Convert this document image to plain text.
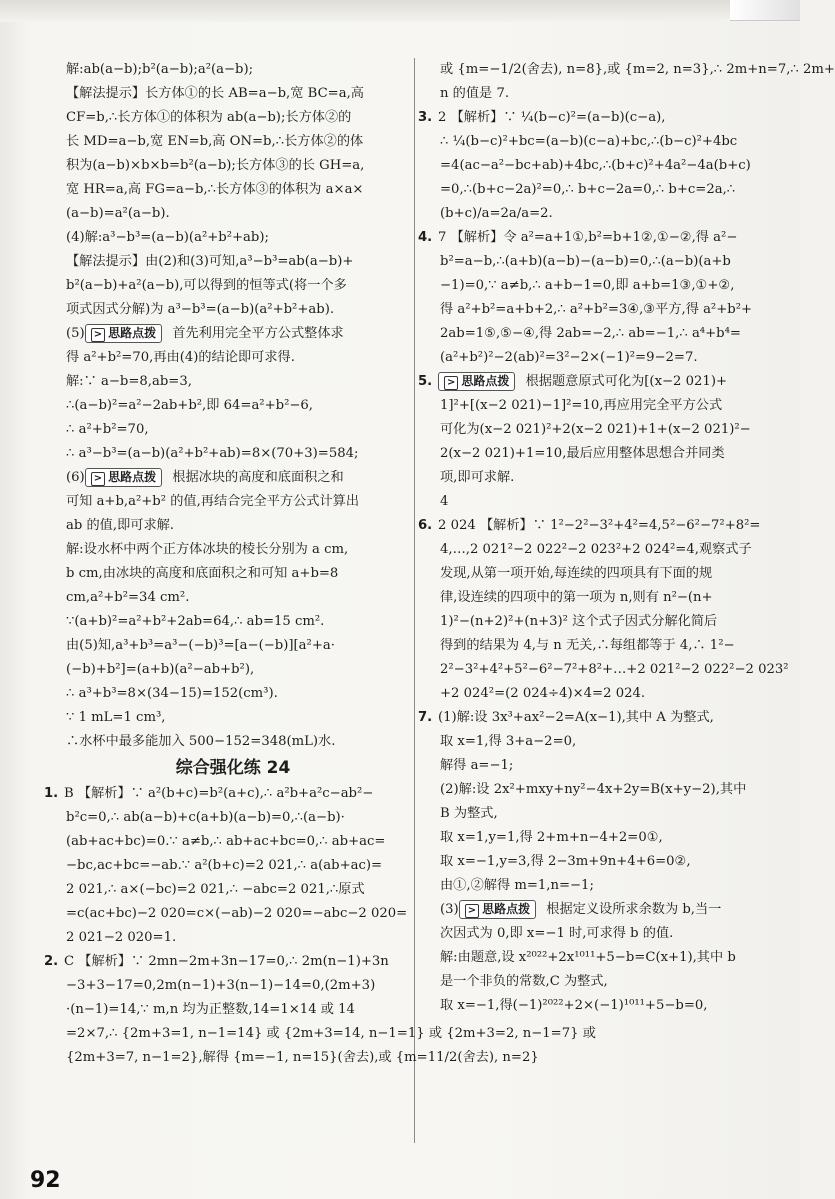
解:ab(a−b);b²(a−b);a²(a−b);
【解法提示】长方体①的长 AB=a−b,宽 BC=a,高
CF=b,∴长方体①的体积为 ab(a−b);长方体②的
长 MD=a−b,宽 EN=b,高 ON=b,∴长方体②的体
积为(a−b)×b×b=b²(a−b);长方体③的长 GH=a,
宽 HR=a,高 FG=a−b,∴长方体③的体积为 a×a×
(a−b)=a²(a−b).
(4)解:a³−b³=(a−b)(a²+b²+ab);
【解法提示】由(2)和(3)可知,a³−b³=ab(a−b)+
b²(a−b)+a²(a−b),可以得到的恒等式(将一个多
项式因式分解)为 a³−b³=(a−b)(a²+b²+ab).
(5) > 思路点拨 首先利用完全平方公式整体求
得 a²+b²=70,再由(4)的结论即可求得.
解:∵ a−b=8,ab=3,
∴(a−b)²=a²−2ab+b²,即 64=a²+b²−6,
∴ a²+b²=70,
∴ a³−b³=(a−b)(a²+b²+ab)=8×(70+3)=584;
(6) > 思路点拨 根据冰块的高度和底面积之和
可知 a+b,a²+b² 的值,再结合完全平方公式计算出
ab 的值,即可求解.
解:设水杯中两个正方体冰块的棱长分别为 a cm,
b cm,由冰块的高度和底面积之和可知 a+b=8
cm,a²+b²=34 cm².
∵(a+b)²=a²+b²+2ab=64,∴ ab=15 cm².
由(5)知,a³+b³=a³−(−b)³=[a−(−b)][a²+a·
(−b)+b²]=(a+b)(a²−ab+b²),
∴ a³+b³=8×(34−15)=152(cm³).
∵ 1 mL=1 cm³,
∴水杯中最多能加入 500−152=348(mL)水.
综合强化练 24
1. B 【解析】∵ a²(b+c)=b²(a+c),∴ a²b+a²c−ab²−
b²c=0,∴ ab(a−b)+c(a+b)(a−b)=0,∴(a−b)·
(ab+ac+bc)=0.∵ a≠b,∴ ab+ac+bc=0,∴ ab+ac=
−bc,ac+bc=−ab.∵ a²(b+c)=2 021,∴ a(ab+ac)=
2 021,∴ a×(−bc)=2 021,∴ −abc=2 021,∴原式
=c(ac+bc)−2 020=c×(−ab)−2 020=−abc−2 020=
2 021−2 020=1.
2. C 【解析】∵ 2mn−2m+3n−17=0,∴ 2m(n−1)+3n
−3+3−17=0,2m(n−1)+3(n−1)−14=0,(2m+3)
·(n−1)=14,∵ m,n 均为正整数,14=1×14 或 14
=2×7,∴ {2m+3=1, n−1=14} 或 {2m+3=14, n−1=1} 或 {2m+3=2, n−1=7} 或
{2m+3=7, n−1=2},解得 {m=−1, n=15}(舍去),或 {m=11/2(舍去), n=2}
或 {m=−1/2(舍去), n=8},或 {m=2, n=3},∴ 2m+n=7,∴ 2m+
n 的值是 7.
3. 2 【解析】∵ ¼(b−c)²=(a−b)(c−a),
∴ ¼(b−c)²+bc=(a−b)(c−a)+bc,∴(b−c)²+4bc
=4(ac−a²−bc+ab)+4bc,∴(b+c)²+4a²−4a(b+c)
=0,∴(b+c−2a)²=0,∴ b+c−2a=0,∴ b+c=2a,∴
(b+c)/a=2a/a=2.
4. 7 【解析】令 a²=a+1①,b²=b+1②,①−②,得 a²−
b²=a−b,∴(a+b)(a−b)−(a−b)=0,∴(a−b)(a+b
−1)=0,∵ a≠b,∴ a+b−1=0,即 a+b=1③,①+②,
得 a²+b²=a+b+2,∴ a²+b²=3④,③平方,得 a²+b²+
2ab=1⑤,⑤−④,得 2ab=−2,∴ ab=−1,∴ a⁴+b⁴=
(a²+b²)²−2(ab)²=3²−2×(−1)²=9−2=7.
5. > 思路点拨 根据题意原式可化为[(x−2 021)+
1]²+[(x−2 021)−1]²=10,再应用完全平方公式
可化为(x−2 021)²+2(x−2 021)+1+(x−2 021)²−
2(x−2 021)+1=10,最后应用整体思想合并同类
项,即可求解.
4
6. 2 024 【解析】∵ 1²−2²−3²+4²=4,5²−6²−7²+8²=
4,…,2 021²−2 022²−2 023²+2 024²=4,观察式子
发现,从第一项开始,每连续的四项具有下面的规
律,设连续的四项中的第一项为 n,则有 n²−(n+
1)²−(n+2)²+(n+3)² 这个式子因式分解化简后
得到的结果为 4,与 n 无关,∴每组都等于 4,∴ 1²−
2²−3²+4²+5²−6²−7²+8²+…+2 021²−2 022²−2 023²
+2 024²=(2 024÷4)×4=2 024.
7. (1)解:设 3x³+ax²−2=A(x−1),其中 A 为整式,
取 x=1,得 3+a−2=0,
解得 a=−1;
(2)解:设 2x²+mxy+ny²−4x+2y=B(x+y−2),其中
B 为整式,
取 x=1,y=1,得 2+m+n−4+2=0①,
取 x=−1,y=3,得 2−3m+9n+4+6=0②,
由①,②解得 m=1,n=−1;
(3) > 思路点拨 根据定义设所求余数为 b,当一
次因式为 0,即 x=−1 时,可求得 b 的值.
解:由题意,设 x²⁰²²+2x¹⁰¹¹+5−b=C(x+1),其中 b
是一个非负的常数,C 为整式,
取 x=−1,得(−1)²⁰²²+2×(−1)¹⁰¹¹+5−b=0,
92
